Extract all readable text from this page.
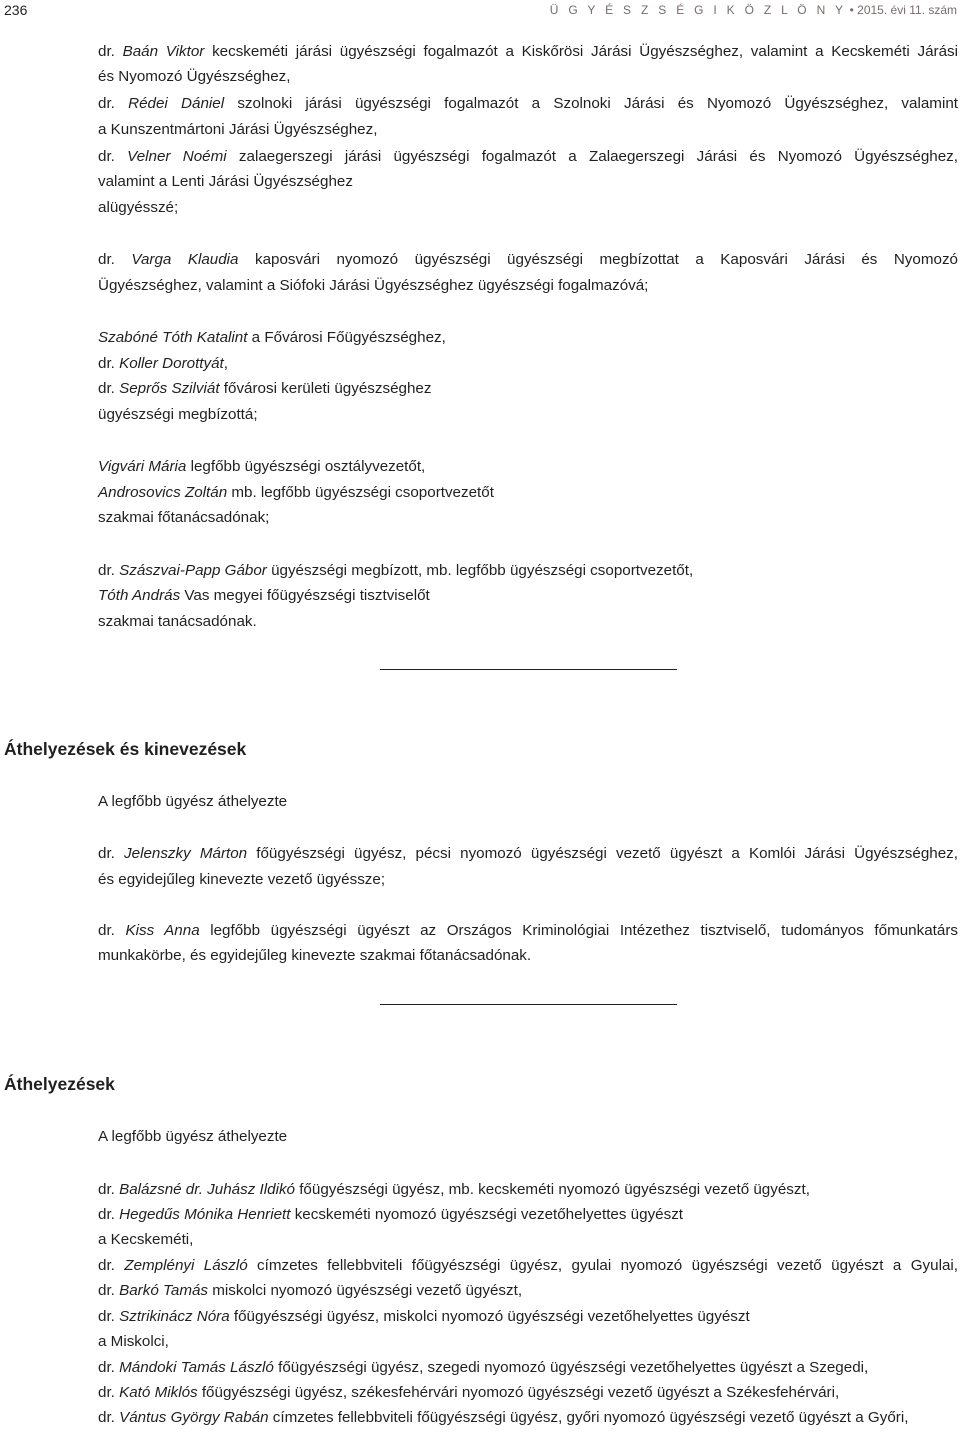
236	Ü G Y É S Z S É G I K Ö Z L Ö N Y • 2015. évi 11. szám
dr. Baán Viktor kecskeméti járási ügyészségi fogalmazót a Kiskőrösi Járási Ügyészséghez, valamint a Kecskeméti Járási
és Nyomozó Ügyészséghez,
dr. Rédei Dániel szolnoki járási ügyészségi fogalmazót a Szolnoki Járási és Nyomozó Ügyészséghez, valamint
a Kunszentmártoni Járási Ügyészséghez,
dr. Velner Noémi zalaegerszegi járási ügyészségi fogalmazót a Zalaegerszegi Járási és Nyomozó Ügyészséghez,
valamint a Lenti Járási Ügyészséghez
alügyésszé;
dr. Varga Klaudia kaposvári nyomozó ügyészségi ügyészségi megbízottat a Kaposvári Járási és Nyomozó
Ügyészséghez, valamint a Siófoki Járási Ügyészséghez ügyészségi fogalmazóvá;
Szabóné Tóth Katalint a Fővárosi Főügyészséghez,
dr. Koller Dorottyát,
dr. Seprős Szilviát fővárosi kerületi ügyészséghez
ügyészségi megbízottá;
Vigvári Mária legfőbb ügyészségi osztályvezetőt,
Androsovics Zoltán mb. legfőbb ügyészségi csoportvezetőt
szakmai főtanácsadónak;
dr. Szászvai-Papp Gábor ügyészségi megbízott, mb. legfőbb ügyészségi csoportvezetőt,
Tóth András Vas megyei főügyészségi tisztviselőt
szakmai tanácsadónak.
Áthelyezések és kinevezések
A legfőbb ügyész áthelyezte
dr. Jelenszky Márton főügyészségi ügyész, pécsi nyomozó ügyészségi vezető ügyészt a Komlói Járási Ügyészséghez,
és egyidejűleg kinevezte vezető ügyéssze;
dr. Kiss Anna legfőbb ügyészségi ügyészt az Országos Kriminológiai Intézethez tisztviselő, tudományos főmunkatárs
munkakörbe, és egyidejűleg kinevezte szakmai főtanácsadónak.
Áthelyezések
A legfőbb ügyész áthelyezte
dr. Balázsné dr. Juhász Ildikó főügyészségi ügyész, mb. kecskeméti nyomozó ügyészségi vezető ügyészt,
dr. Hegedűs Mónika Henriett kecskeméti nyomozó ügyészségi vezetőhelyettes ügyészt
a Kecskeméti,
dr. Zemplényi László címzetes fellebbviteli főügyészségi ügyész, gyulai nyomozó ügyészségi vezető ügyészt a Gyulai,
dr. Barkó Tamás miskolci nyomozó ügyészségi vezető ügyészt,
dr. Sztrikinácz Nóra főügyészségi ügyész, miskolci nyomozó ügyészségi vezetőhelyettes ügyészt
a Miskolci,
dr. Mándoki Tamás László főügyészségi ügyész, szegedi nyomozó ügyészségi vezetőhelyettes ügyészt a Szegedi,
dr. Kató Miklós főügyészségi ügyész, székesfehérvári nyomozó ügyészségi vezető ügyészt a Székesfehérvári,
dr. Vántus György Rabán címzetes fellebbviteli főügyészségi ügyész, győri nyomozó ügyészségi vezető ügyészt a Győri,
